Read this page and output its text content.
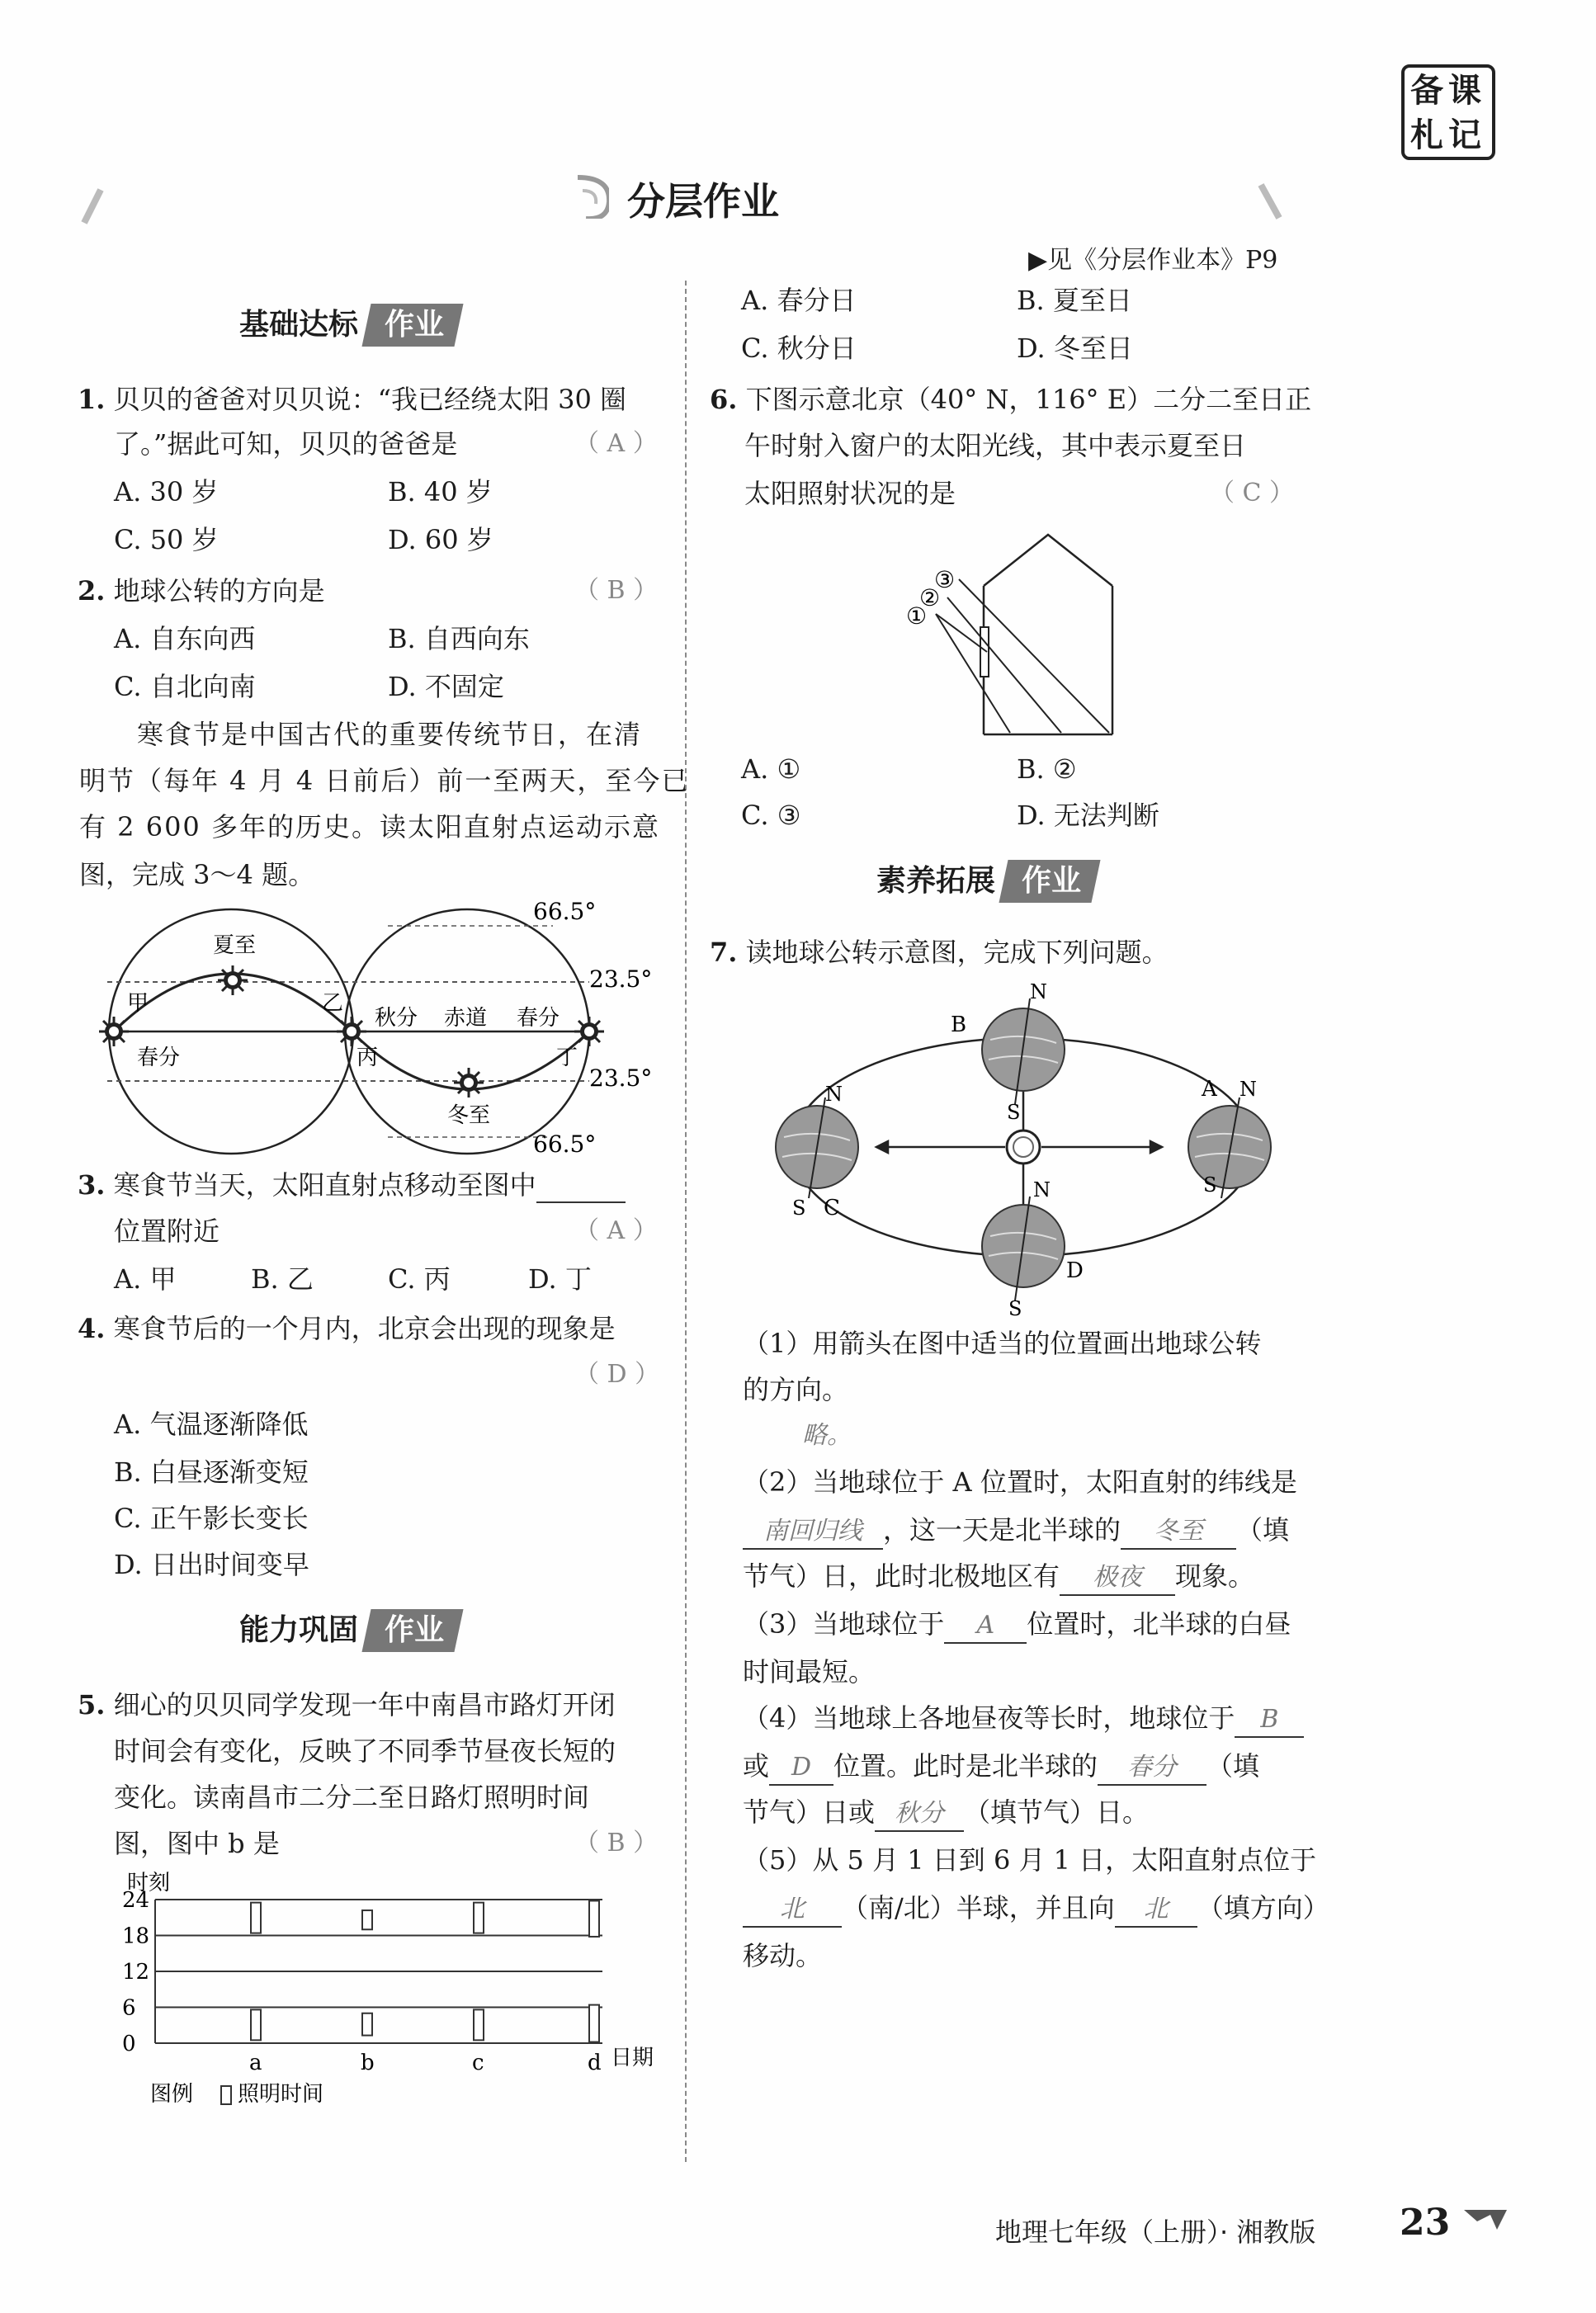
备课
札记
分层作业
▶见《分层作业本》P9
基础达标 作业
1. 贝贝的爸爸对贝贝说：“我已经绕太阳 30 圈
了。”据此可知，贝贝的爸爸是	（ A ）
A. 30 岁	B. 40 岁
C. 50 岁	D. 60 岁
2. 地球公转的方向是	（ B ）
A. 自东向西	B. 自西向东
C. 自北向南	D. 不固定
寒食节是中国古代的重要传统节日，在清
明节（每年 4 月 4 日前后）前一至两天，至今已
有 2 600 多年的历史。读太阳直射点运动示意
图，完成 3～4 题。
66.5°
23.5°
23.5°
66.5°
夏至
冬至
春分
秋分 赤道 春分
甲	乙
丙	丁
3. 寒食节当天，太阳直射点移动至图中
位置附近	（ A ）
A. 甲	B. 乙	C. 丙	D. 丁
4. 寒食节后的一个月内，北京会出现的现象是
（ D ）
A. 气温逐渐降低
B. 白昼逐渐变短
C. 正午影长变长
D. 日出时间变早
能力巩固 作业
5. 细心的贝贝同学发现一年中南昌市路灯开闭
时间会有变化，反映了不同季节昼夜长短的
变化。读南昌市二分二至日路灯照明时间
图，图中 b 是	（ B ）
时刻
24
18
12
6
0
a	b	c	d 日期
图例 照明时间
A. 春分日	B. 夏至日
C. 秋分日	D. 冬至日
6. 下图示意北京（40° N，116° E）二分二至日正
午时射入窗户的太阳光线，其中表示夏至日
太阳照射状况的是	（ C ）
①
②
③
A. ①	B. ②
C. ③	D. 无法判断
素养拓展 作业
7. 读地球公转示意图，完成下列问题。
N
S
B
N
S
D
N
S C
N
S
A
（1）用箭头在图中适当的位置画出地球公转
的方向。
略。
（2）当地球位于 A 位置时，太阳直射的纬线是
南回归线 ，这一天是北半球的 冬至 （填
节气）日，此时北极地区有 极夜 现象。
（3）当地球位于 A 位置时，北半球的白昼
时间最短。
（4）当地球上各地昼夜等长时，地球位于 B
或 D 位置。此时是北半球的 春分 （填
节气）日或 秋分 （填节气）日。
（5）从 5 月 1 日到 6 月 1 日，太阳直射点位于
北 （南/北）半球，并且向 北 （填方向）
移动。
地理七年级（上册）· 湘教版 23
